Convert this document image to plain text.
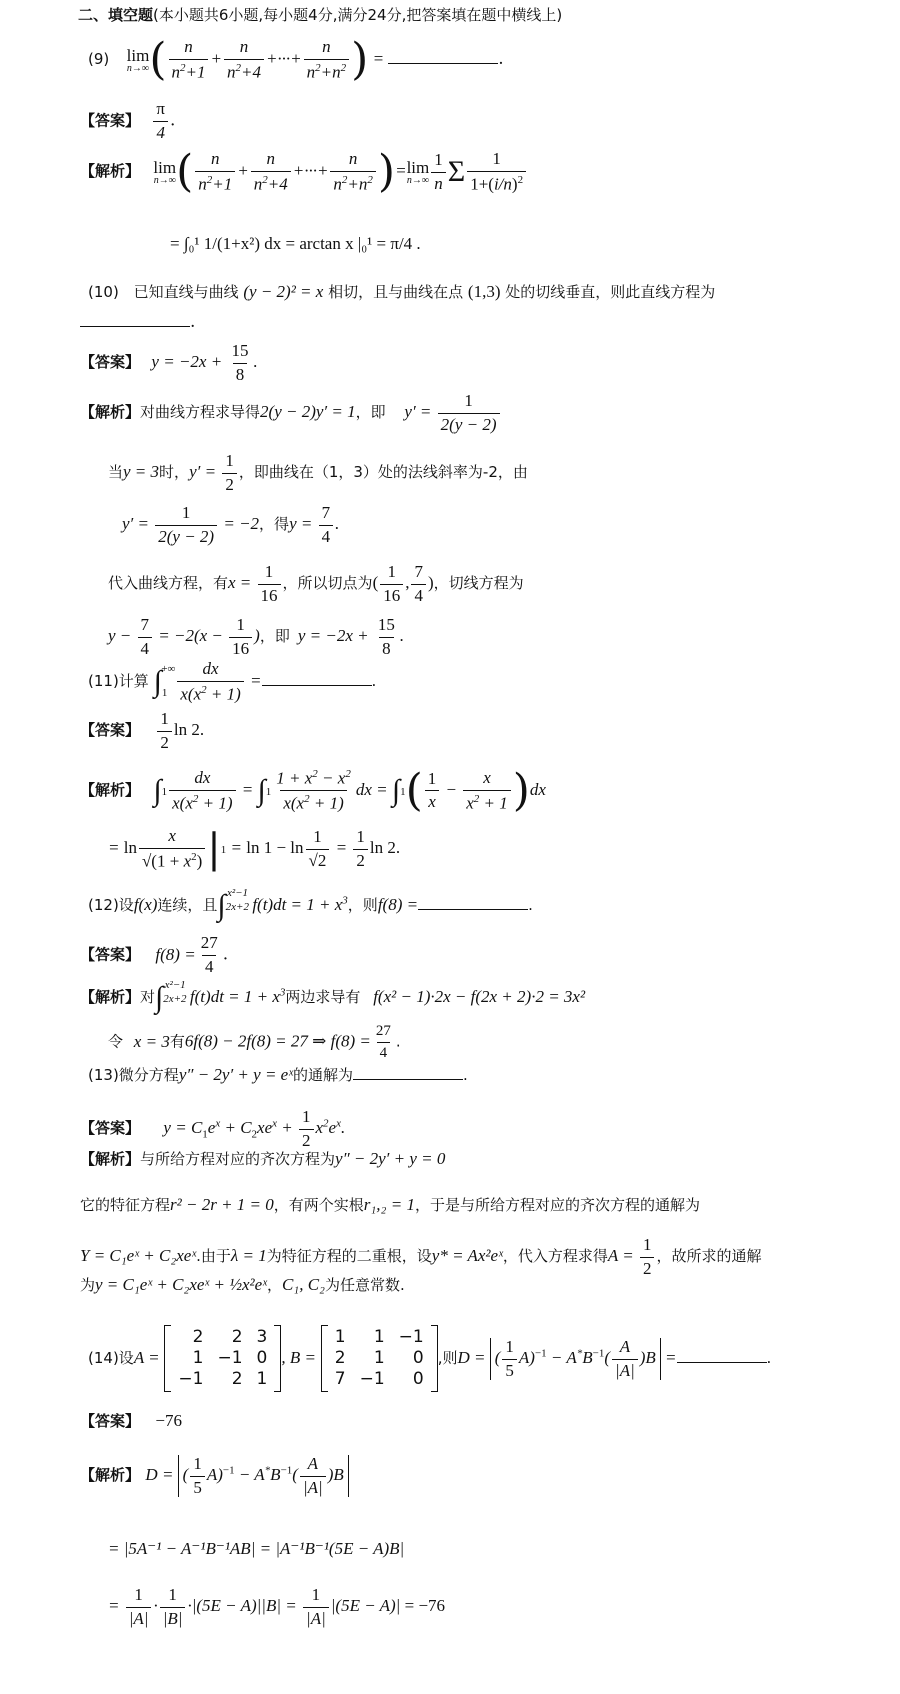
二、填空题(本小题共6小题,每小题4分,满分24分,把答案填在题中横线上)
(9) lim
n→∞ ( $\frac{n}{n^2+1} + \frac{n}{n^2+4}$ +···+ $\frac{n}{n^2+n^2}$ ) =	.
【答案】 $\frac{\pi}{4}$ .
【解析】 lim
n→∞ ( $\frac{n}{n^2+1} + \frac{n}{n^2+4}$ +···+ $\frac{n}{n^2+n^2}$ )= lim
$n\to\infty \frac{1}{n}$ Σ $\frac{1}{1+(i/n)^2}$
= ∫₀¹ 1/(1+x²) dx = arctan x |₀¹ = π/4 .
(10) 已知直线与曲线 (y − 2)² = x 相切，且与曲线在点 (1,3) 处的切线垂直，则此直线方程为
.
【答案】 $y = -2x + \frac{15}{8}$ .
【解析】对曲线方程求导得2(y − 2)y′ = 1，即 $y' = \frac{1}{2(y - 2)}$
当y = 3时，$y' = \frac{1}{2}$ ，即曲线在（1，3）处的法线斜率为-2，由
$y' = \frac{1}{2(y - 2)} = -2$，得$y = \frac{7}{4}$ .
代入曲线方程，有$x = \frac{1}{16}$ ，所以切点为( $\frac{1}{16}$ , $\frac{7}{4}$ )，切线方程为
$y - \frac{7}{4} = -2(x - \frac{1}{16}$ )，即 $y = -2x + \frac{15}{8}$ .
(11)计算 $\int_1^{+\infty} \frac{dx}{x(x^2 + 1)}$ =	.
【答案】 $\frac{1}{2}$ ln 2.
【解析】 $\int 1 \frac{dx}{x(x^2 + 1)} = \int 1 \frac{1 + x^2 - x^2}{x(x^2 + 1)}$ dx = $\int 1( \frac{1}{x} - \frac{x}{x^2 + 1} )dx$
= $\ln \frac{x}{√(1 + x^2)} |1 = \ln 1 - \ln \frac{1}{√2} = \frac{1}{2}$ ln 2.
(12)设f(x)连续，且$\int 2x+2^{x^2-1}$ $f(t)dt = 1 + x^3$，则f(8) =	.
【答案】 $f(8) = \frac{27}{4}$ .
【解析】对$\int 2x+2^{x^2-1}$ $f(t)dt = 1 + x^3$两边求导有 f(x² − 1)·2x − f(2x + 2)·2 = 3x²
令 x = 3有6f(8) − 2f(8) = 27 ⇒ $f(8) = \frac{27}{4}$ .
(13)微分方程y″ − 2y′ + y = eˣ的通解为	.
【答案】 $y = C_1e^x + C_2xe^x + \frac{1}{2} x^2e^x$.
【解析】与所给方程对应的齐次方程为y″ − 2y′ + y = 0
它的特征方程r² − 2r + 1 = 0，有两个实根r₁,₂ = 1，于是与所给方程对应的齐次方程的通解为
Y = C₁eˣ + C₂xeˣ.由于λ = 1为特征方程的二重根，设y* = Ax²eˣ，代入方程求得$A = \frac{1}{2}$ ，故所求的通解
为y = C₁eˣ + C₂xeˣ + ½x²eˣ，C₁, C₂为任意常数.
(14)设A =
2	2	3
1	−1	0
−1	2	1
, B =
1	1	−1
2	1	0
7	−1	0
,则D = ( $\frac{1}{5} A)^{-1} - A^*B^{-1}( \frac{A}{|A|} )B$ =	.
【答案】 −76
【解析】 D = ( $\frac{1}{5} A)^{-1} - A^*B^{-1}( \frac{A}{|A|} )B$
= |5A⁻¹ − A⁻¹B⁻¹AB| = |A⁻¹B⁻¹(5E − A)B|
= $\frac{1}{|A|} \cdot \frac{1}{|B|} \cdot|(5E - A)||B| = \frac{1}{|A|} |(5E - A)| = -76$
